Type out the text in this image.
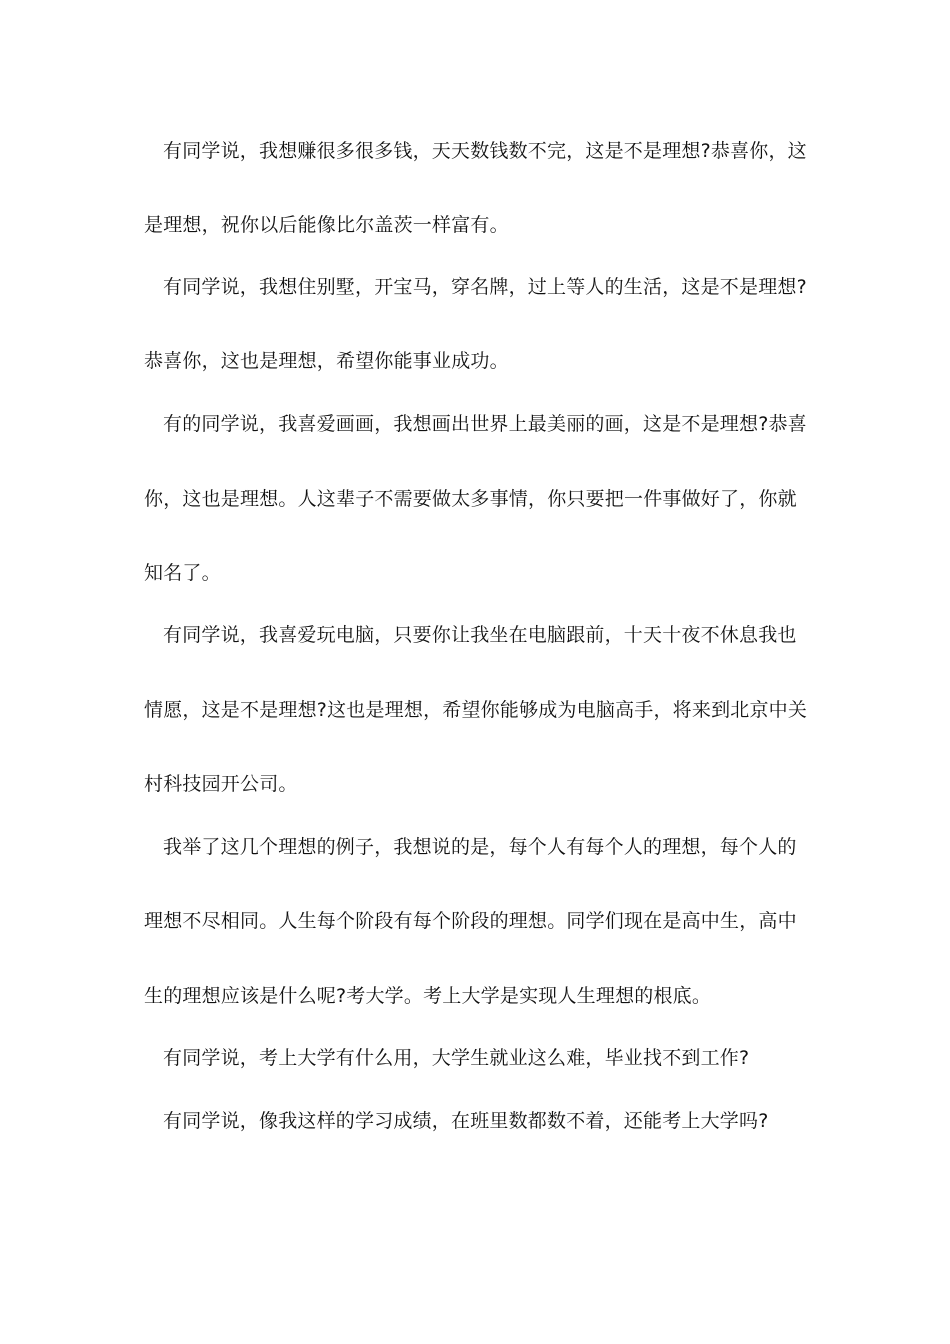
有同学说，我想赚很多很多钱，天天数钱数不完，这是不是理想?恭喜你，这
是理想，祝你以后能像比尔盖茨一样富有。
有同学说，我想住别墅，开宝马，穿名牌，过上等人的生活，这是不是理想?
恭喜你，这也是理想，希望你能事业成功。
有的同学说，我喜爱画画，我想画出世界上最美丽的画，这是不是理想?恭喜
你，这也是理想。人这辈子不需要做太多事情，你只要把一件事做好了，你就
知名了。
有同学说，我喜爱玩电脑，只要你让我坐在电脑跟前，十天十夜不休息我也
情愿，这是不是理想?这也是理想，希望你能够成为电脑高手，将来到北京中关
村科技园开公司。
我举了这几个理想的例子，我想说的是，每个人有每个人的理想，每个人的
理想不尽相同。人生每个阶段有每个阶段的理想。同学们现在是高中生，高中
生的理想应该是什么呢?考大学。考上大学是实现人生理想的根底。
有同学说，考上大学有什么用，大学生就业这么难，毕业找不到工作?
有同学说，像我这样的学习成绩，在班里数都数不着，还能考上大学吗?
